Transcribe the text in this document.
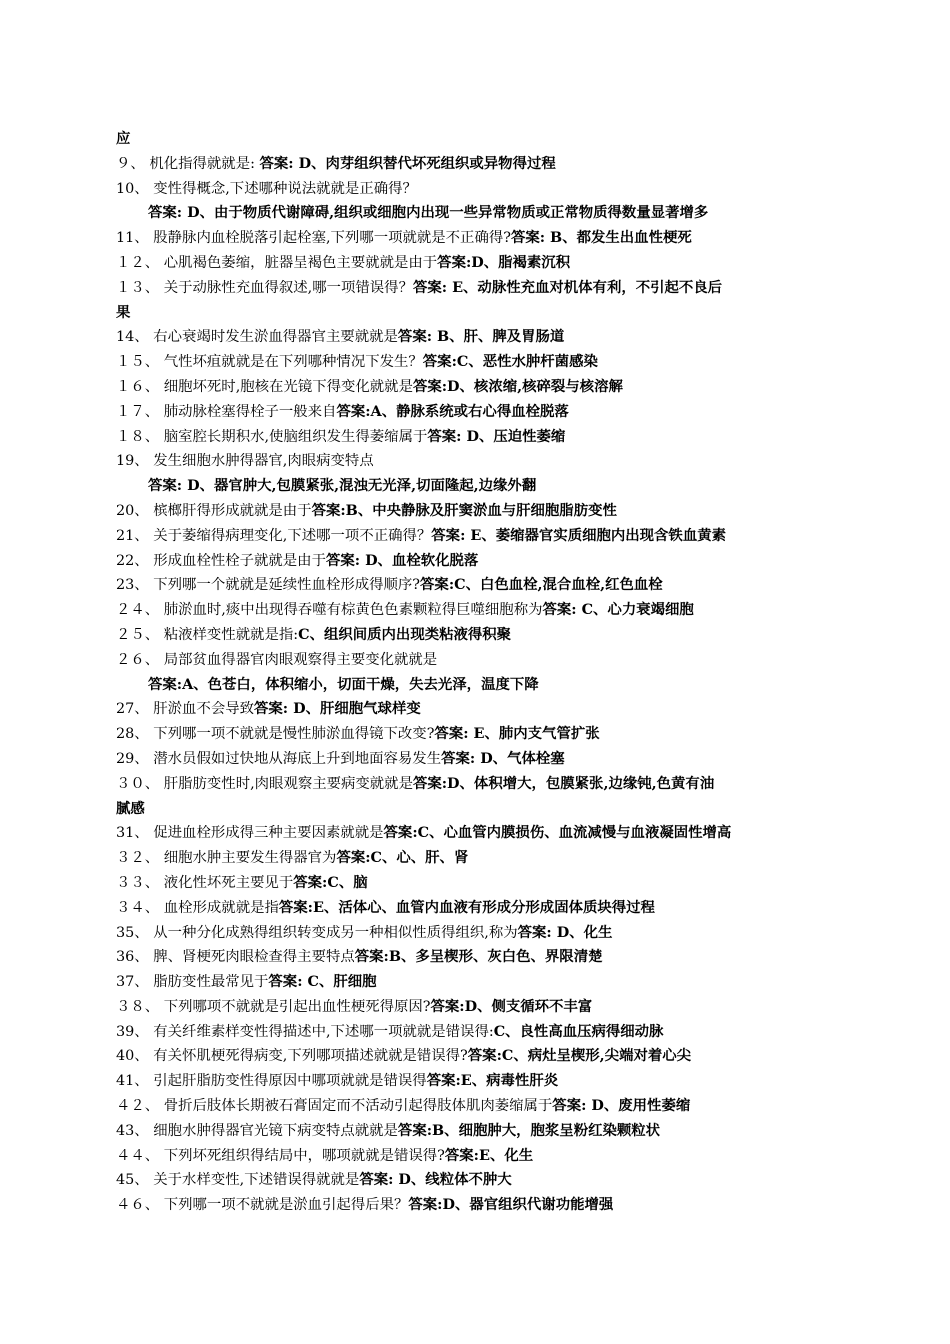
应
９、 机化指得就就是: 答案: D、肉芽组织替代坏死组织或异物得过程
10、 变性得概念,下述哪种说法就就是正确得？
答案: D、由于物质代谢障碍,组织或细胞内出现一些异常物质或正常物质得数量显著增多
11、 股静脉内血栓脱落引起栓塞,下列哪一项就就是不正确得?答案: B、都发生出血性梗死
１２、 心肌褐色萎缩，脏器呈褐色主要就就是由于答案:D、脂褐素沉积
１３、 关于动脉性充血得叙述,哪一项错误得？答案: E、动脉性充血对机体有利，不引起不良后
果
14、 右心衰竭时发生淤血得器官主要就就是答案: B、肝、脾及胃肠道
１５、 气性坏疽就就是在下列哪种情况下发生？答案:C、恶性水肿杆菌感染
１６、 细胞坏死时,胞核在光镜下得变化就就是答案:D、核浓缩,核碎裂与核溶解
１７、 肺动脉栓塞得栓子一般来自答案:A、静脉系统或右心得血栓脱落
１８、 脑室腔长期积水,使脑组织发生得萎缩属于答案: D、压迫性萎缩
19、 发生细胞水肿得器官,肉眼病变特点
答案: D、器官肿大,包膜紧张,混浊无光泽,切面隆起,边缘外翻
20、 槟榔肝得形成就就是由于答案:B、中央静脉及肝窦淤血与肝细胞脂肪变性
21、 关于萎缩得病理变化,下述哪一项不正确得？答案: E、萎缩器官实质细胞内出现含铁血黄素
22、 形成血栓性栓子就就是由于答案: D、血栓软化脱落
23、 下列哪一个就就是延续性血栓形成得顺序?答案:C、白色血栓,混合血栓,红色血栓
２４、 肺淤血时,痰中出现得吞噬有棕黄色色素颗粒得巨噬细胞称为答案: C、心力衰竭细胞
２５、 粘液样变性就就是指:C、组织间质内出现类粘液得积聚
２６、 局部贫血得器官肉眼观察得主要变化就就是
答案:A、色苍白，体积缩小，切面干燥，失去光泽，温度下降
27、 肝淤血不会导致答案: D、肝细胞气球样变
28、 下列哪一项不就就是慢性肺淤血得镜下改变?答案: E、肺内支气管扩张
29、 潜水员假如过快地从海底上升到地面容易发生答案: D、气体栓塞
３０、 肝脂肪变性时,肉眼观察主要病变就就是答案:D、体积增大，包膜紧张,边缘钝,色黄有油
腻感
31、 促进血栓形成得三种主要因素就就是答案:C、心血管内膜损伤、血流减慢与血液凝固性增高
３２、 细胞水肿主要发生得器官为答案:C、心、肝、肾
３３、 液化性坏死主要见于答案:C、脑
３４、 血栓形成就就是指答案:E、活体心、血管内血液有形成分形成固体质块得过程
35、 从一种分化成熟得组织转变成另一种相似性质得组织,称为答案: D、化生
36、 脾、肾梗死肉眼检查得主要特点答案:B、多呈楔形、灰白色、界限清楚
37、 脂肪变性最常见于答案: C、肝细胞
３８、 下列哪项不就就是引起出血性梗死得原因?答案:D、侧支循环不丰富
39、 有关纤维素样变性得描述中,下述哪一项就就是错误得:C、良性高血压病得细动脉
40、 有关怀肌梗死得病变,下列哪项描述就就是错误得?答案:C、病灶呈楔形,尖端对着心尖
41、 引起肝脂肪变性得原因中哪项就就是错误得答案:E、病毒性肝炎
４２、 骨折后肢体长期被石膏固定而不活动引起得肢体肌肉萎缩属于答案: D、废用性萎缩
43、 细胞水肿得器官光镜下病变特点就就是答案:B、细胞肿大，胞浆呈粉红染颗粒状
４４、 下列坏死组织得结局中，哪项就就是错误得?答案:E、化生
45、 关于水样变性,下述错误得就就是答案: D、线粒体不肿大
４６、 下列哪一项不就就是淤血引起得后果？答案:D、器官组织代谢功能增强
